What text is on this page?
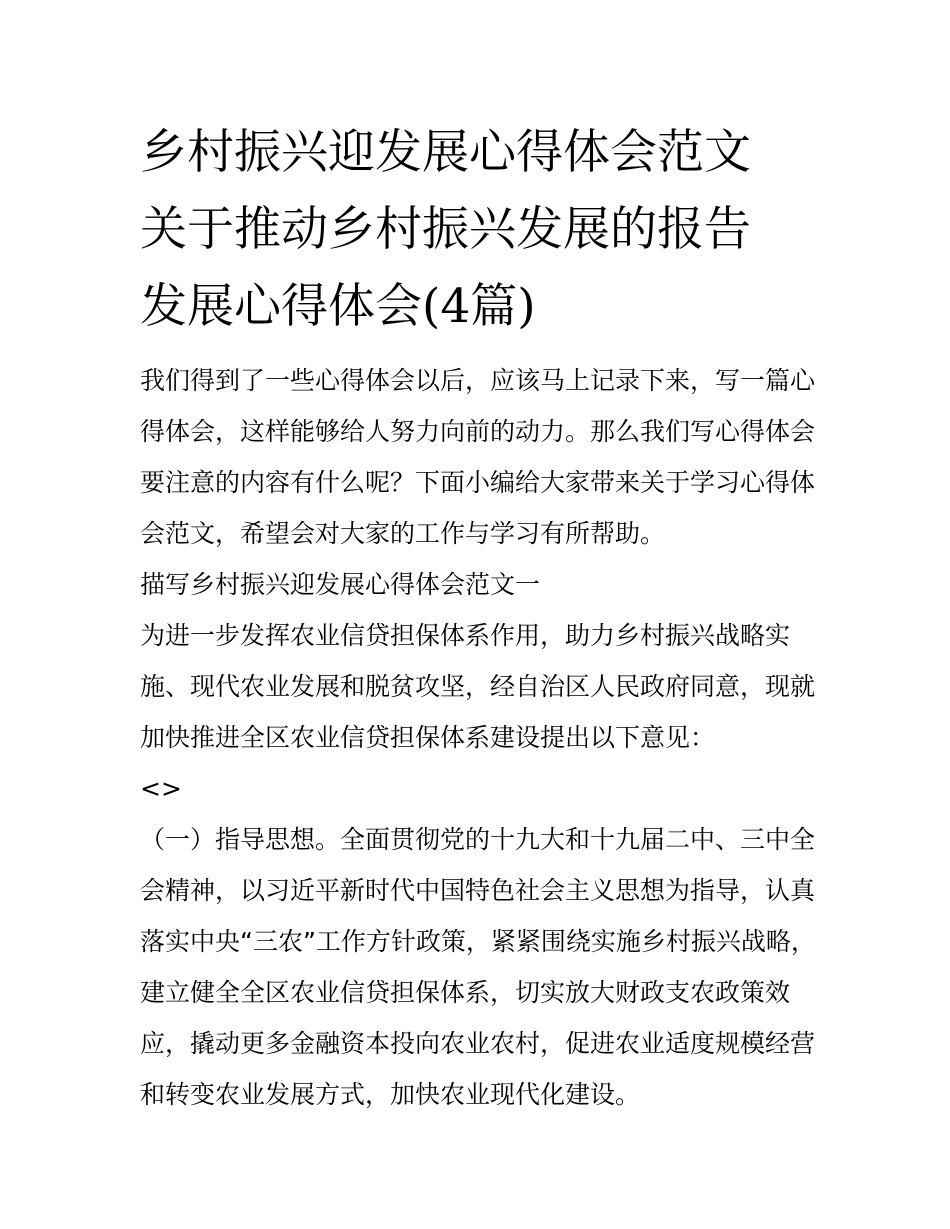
乡村振兴迎发展心得体会范文
关于推动乡村振兴发展的报告
发展心得体会(4篇)
我们得到了一些心得体会以后，应该马上记录下来，写一篇心
得体会，这样能够给人努力向前的动力。那么我们写心得体会
要注意的内容有什么呢？下面小编给大家带来关于学习心得体
会范文，希望会对大家的工作与学习有所帮助。
描写乡村振兴迎发展心得体会范文一
为进一步发挥农业信贷担保体系作用，助力乡村振兴战略实
施、现代农业发展和脱贫攻坚，经自治区人民政府同意，现就
加快推进全区农业信贷担保体系建设提出以下意见：
<>
（一）指导思想。全面贯彻党的十九大和十九届二中、三中全
会精神，以习近平新时代中国特色社会主义思想为指导，认真
落实中央“三农”工作方针政策，紧紧围绕实施乡村振兴战略，
建立健全全区农业信贷担保体系，切实放大财政支农政策效
应，撬动更多金融资本投向农业农村，促进农业适度规模经营
和转变农业发展方式，加快农业现代化建设。
